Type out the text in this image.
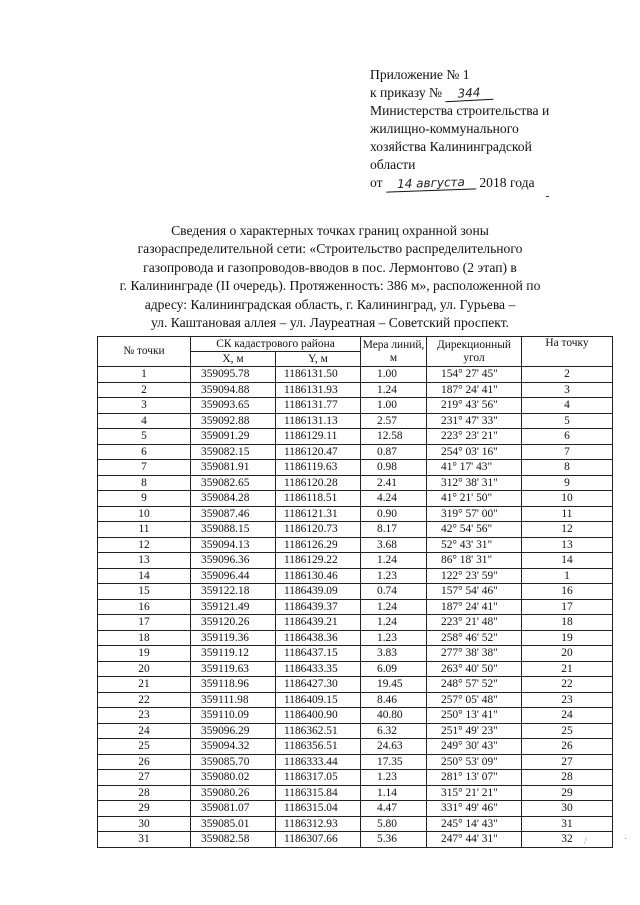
Приложение № 1
к приказу № 344
Министерства строительства и
жилищно-коммунального
хозяйства Калининградской
области
от 14 августа 2018 года
Сведения о характерных точках границ охранной зоны
газораспределительной сети: «Строительство распределительного
газопровода и газопроводов-вводов в пос. Лермонтово (2 этап) в
г. Калининграде (II очередь). Протяженность: 386 м», расположенной по
адресу: Калининградская область, г. Калининград, ул. Гурьева –
ул. Каштановая аллея – ул. Лауреатная – Советский проспект.
№ точки	СК кадастрового района		Мера линий, м	Дирекционный угол	На точку
	X, м	Y, м			
1	359095.78	1186131.50	1.00	154° 27' 45"	2
2	359094.88	1186131.93	1.24	187° 24' 41"	3
3	359093.65	1186131.77	1.00	219° 43' 56"	4
4	359092.88	1186131.13	2.57	231° 47' 33"	5
5	359091.29	1186129.11	12.58	223° 23' 21"	6
6	359082.15	1186120.47	0.87	254° 03' 16"	7
7	359081.91	1186119.63	0.98	41° 17' 43"	8
8	359082.65	1186120.28	2.41	312° 38' 31"	9
9	359084.28	1186118.51	4.24	41° 21' 50"	10
10	359087.46	1186121.31	0.90	319° 57' 00"	11
11	359088.15	1186120.73	8.17	42° 54' 56"	12
12	359094.13	1186126.29	3.68	52° 43' 31"	13
13	359096.36	1186129.22	1.24	86° 18' 31"	14
14	359096.44	1186130.46	1.23	122° 23' 59"	1
15	359122.18	1186439.09	0.74	157° 54' 46"	16
16	359121.49	1186439.37	1.24	187° 24' 41"	17
17	359120.26	1186439.21	1.24	223° 21' 48"	18
18	359119.36	1186438.36	1.23	258° 46' 52"	19
19	359119.12	1186437.15	3.83	277° 38' 38"	20
20	359119.63	1186433.35	6.09	263° 40' 50"	21
21	359118.96	1186427.30	19.45	248° 57' 52"	22
22	359111.98	1186409.15	8.46	257° 05' 48"	23
23	359110.09	1186400.90	40.80	250° 13' 41"	24
24	359096.29	1186362.51	6.32	251° 49' 23"	25
25	359094.32	1186356.51	24.63	249° 30' 43"	26
26	359085.70	1186333.44	17.35	250° 53' 09"	27
27	359080.02	1186317.05	1.23	281° 13' 07"	28
28	359080.26	1186315.84	1.14	315° 21' 21"	29
29	359081.07	1186315.04	4.47	331° 49' 46"	30
30	359085.01	1186312.93	5.80	245° 14' 43"	31
31	359082.58	1186307.66	5.36	247° 44' 31"	32 /	·
